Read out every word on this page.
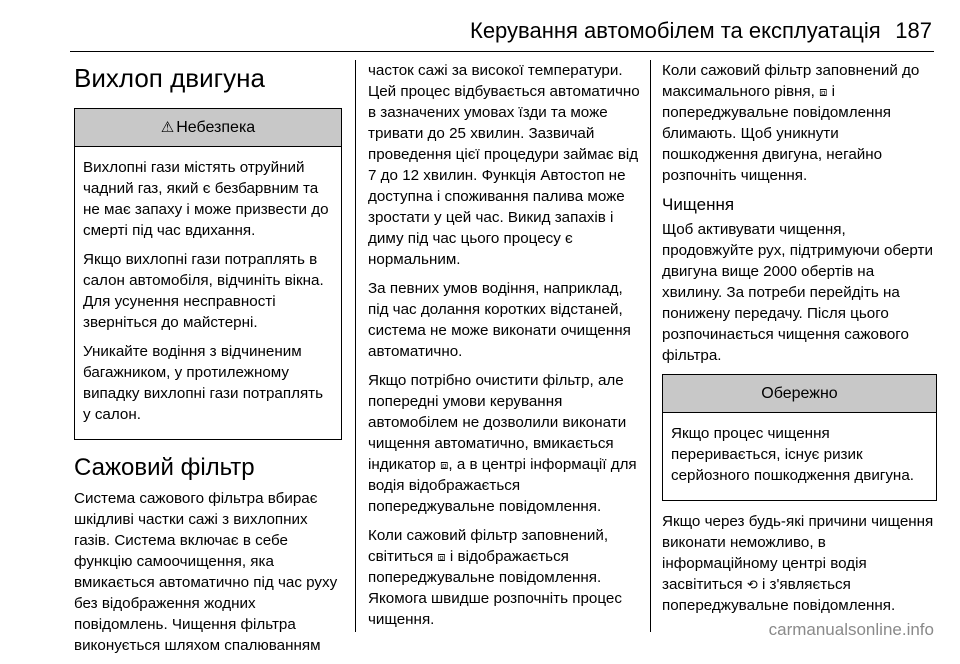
Керування автомобілем та експлуатація 187
Вихлоп двигуна
⚠ Небезпека

Вихлопні гази містять отруйний чадний газ, який є безбарвним та не має запаху і може призвести до смерті під час вдихання.

Якщо вихлопні гази потраплять в салон автомобіля, відчиніть вікна. Для усунення несправності зверніться до майстерні.

Уникайте водіння з відчиненим багажником, у протилежному випадку вихлопні гази потраплять у салон.

Сажовий фільтр

Система сажового фільтра вбирає шкідливі частки сажі з вихлопних газів. Система включає в себе функцію самоочищення, яка вмикається автоматично під час руху без відображення жодних повідомлень. Чищення фільтра виконується шляхом спалюванням

часток сажі за високої температури. Цей процес відбувається автоматично в зазначених умовах їзди та може тривати до 25 хвилин. Зазвичай проведення цієї процедури займає від 7 до 12 хвилин. Функція Автостоп не доступна і споживання палива може зростати у цей час. Викид запахів і диму під час цього процесу є нормальним.

За певних умов водіння, наприклад, під час долання коротких відстаней, система не може виконати очищення автоматично.

Якщо потрібно очистити фільтр, але попередні умови керування автомобілем не дозволили виконати чищення автоматично, вмикається індикатор ⧈, а в центрі інформації для водія відображається попереджувальне повідомлення.

Коли сажовий фільтр заповнений, світиться ⧈ і відображається попереджувальне повідомлення. Якомога швидше розпочніть процес чищення.

Коли сажовий фільтр заповнений до максимального рівня, ⧈ і попереджувальне повідомлення блимають. Щоб уникнути пошкодження двигуна, негайно розпочніть чищення.

Чищення

Щоб активувати чищення, продовжуйте рух, підтримуючи оберти двигуна вище 2000 обертів на хвилину. За потреби перейдіть на понижену передачу. Після цього розпочинається чищення сажового фільтра.

Обережно

Якщо процес чищення переривається, існує ризик серйозного пошкодження двигуна.

Якщо через будь-які причини чищення виконати неможливо, в інформаційному центрі водія засвітиться ⟲ і з'являється попереджувальне повідомлення.

carmanualsonline.info
